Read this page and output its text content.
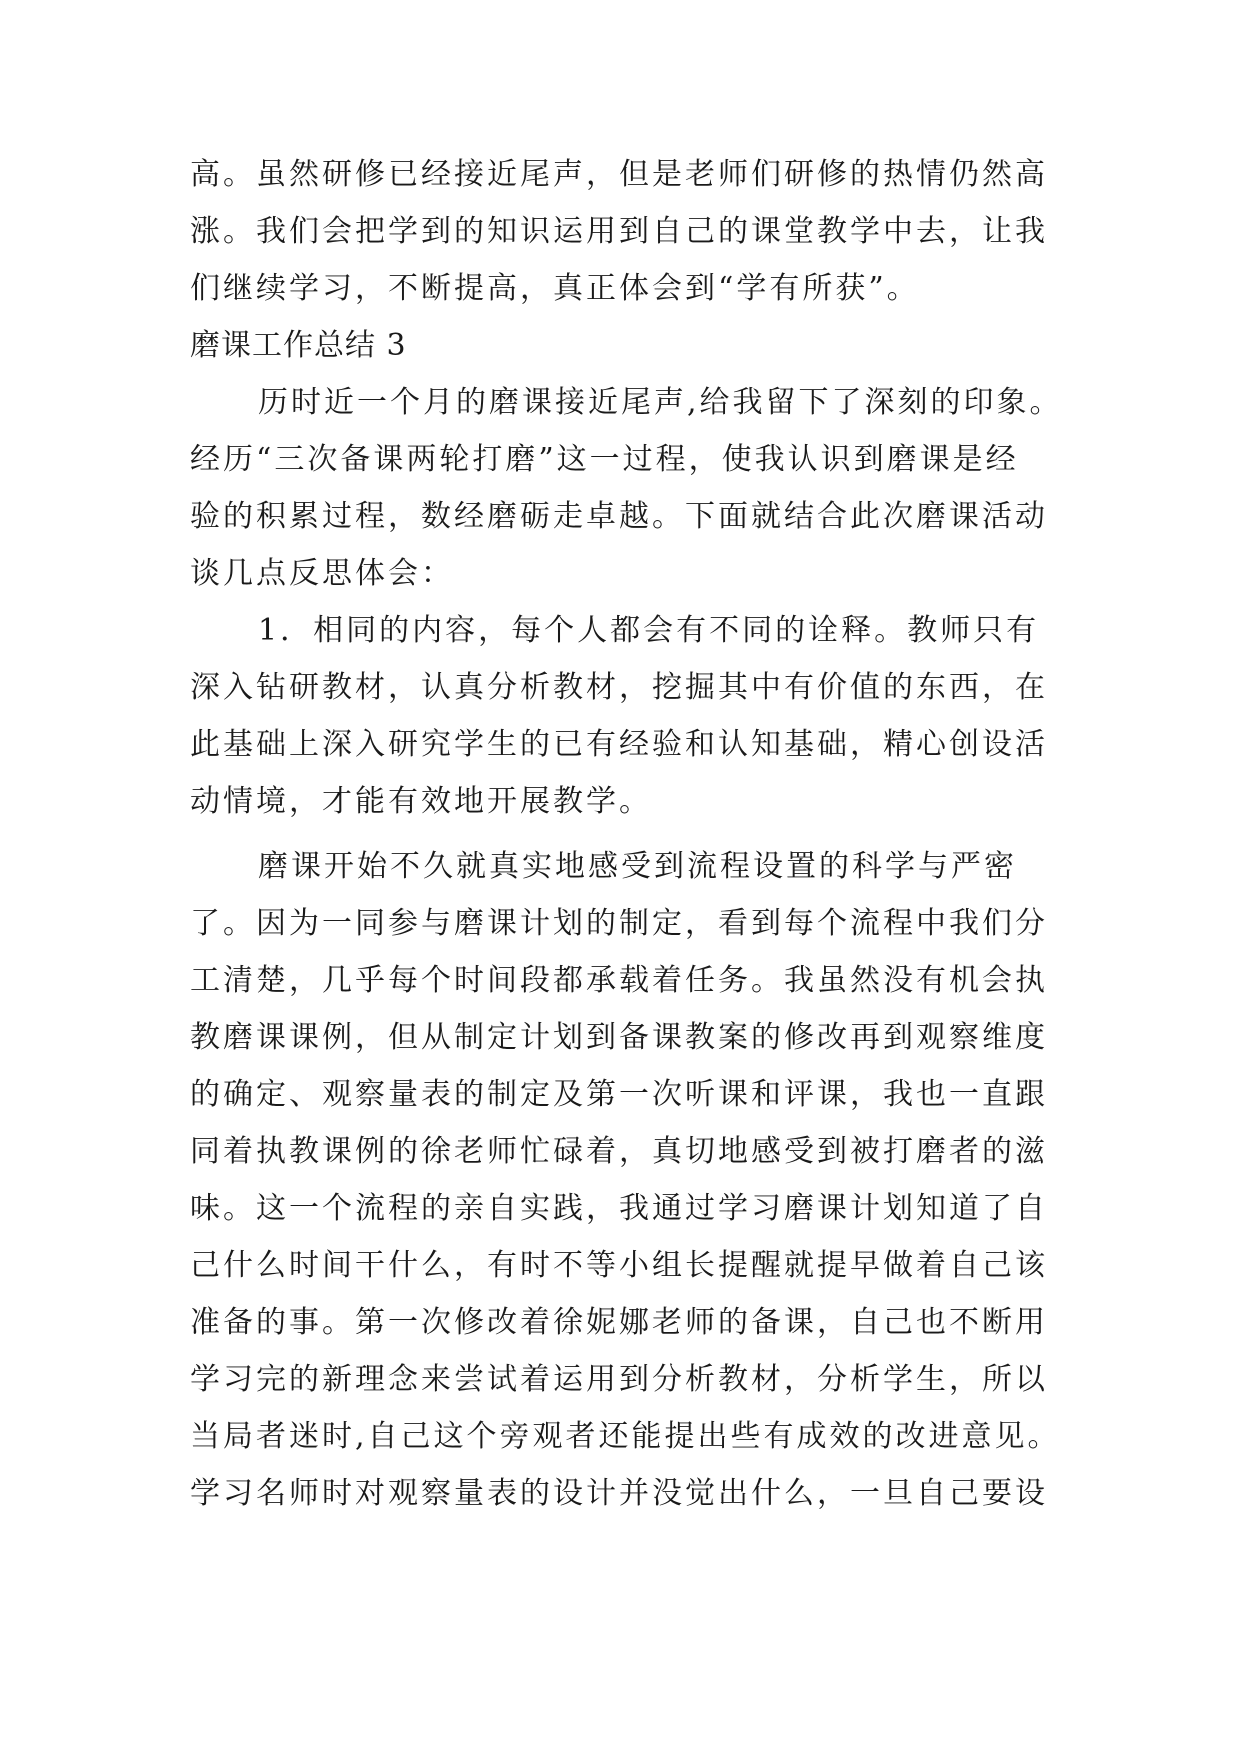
高。虽然研修已经接近尾声，但是老师们研修的热情仍然高
涨。我们会把学到的知识运用到自己的课堂教学中去，让我
们继续学习，不断提高，真正体会到“学有所获”。
磨课工作总结 3
历时近一个月的磨课接近尾声,给我留下了深刻的印象。
经历“三次备课两轮打磨”这一过程，使我认识到磨课是经
验的积累过程，数经磨砺走卓越。下面就结合此次磨课活动
谈几点反思体会：
1．相同的内容，每个人都会有不同的诠释。教师只有
深入钻研教材，认真分析教材，挖掘其中有价值的东西，在
此基础上深入研究学生的已有经验和认知基础，精心创设活
动情境，才能有效地开展教学。
磨课开始不久就真实地感受到流程设置的科学与严密
了。因为一同参与磨课计划的制定，看到每个流程中我们分
工清楚，几乎每个时间段都承载着任务。我虽然没有机会执
教磨课课例，但从制定计划到备课教案的修改再到观察维度
的确定、观察量表的制定及第一次听课和评课，我也一直跟
同着执教课例的徐老师忙碌着，真切地感受到被打磨者的滋
味。这一个流程的亲自实践，我通过学习磨课计划知道了自
己什么时间干什么，有时不等小组长提醒就提早做着自己该
准备的事。第一次修改着徐妮娜老师的备课，自己也不断用
学习完的新理念来尝试着运用到分析教材，分析学生，所以
当局者迷时,自己这个旁观者还能提出些有成效的改进意见。
学习名师时对观察量表的设计并没觉出什么，一旦自己要设
